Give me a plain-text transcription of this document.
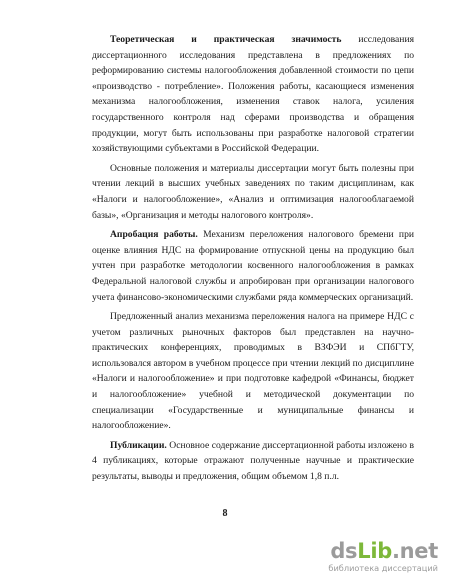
Теоретическая и практическая значимость исследования диссертационного исследования представлена в предложениях по реформированию системы налогообложения добавленной стоимости по цепи «производство - потребление». Положения работы, касающиеся изменения механизма налогообложения, изменения ставок налога, усиления государственного контроля над сферами производства и обращения продукции, могут быть использованы при разработке налоговой стратегии хозяйствующими субъектами в Российской Федерации.

Основные положения и материалы диссертации могут быть полезны при чтении лекций в высших учебных заведениях по таким дисциплинам, как «Налоги и налогообложение», «Анализ и оптимизация налогооблагаемой базы», «Организация и методы налогового контроля».

Апробация работы. Механизм переложения налогового бремени при оценке влияния НДС на формирование отпускной цены на продукцию был учтен при разработке методологии косвенного налогообложения в рамках Федеральной налоговой службы и апробирован при организации налогового учета финансово-экономическими службами ряда коммерческих организаций.

Предложенный анализ механизма переложения налога на примере НДС с учетом различных рыночных факторов был представлен на научно-практических конференциях, проводимых в ВЗФЭИ и СПбГТУ, использовался автором в учебном процессе при чтении лекций по дисциплине «Налоги и налогообложение» и при подготовке кафедрой «Финансы, бюджет и налогообложение» учебной и методической документации по специализации «Государственные и муниципальные финансы и налогообложение».

Публикации. Основное содержание диссертационной работы изложено в 4 публикациях, которые отражают полученные научные и практические результаты, выводы и предложения, общим объемом 1,8 п.л.

8
dsLib.net
библиотека диссертаций
